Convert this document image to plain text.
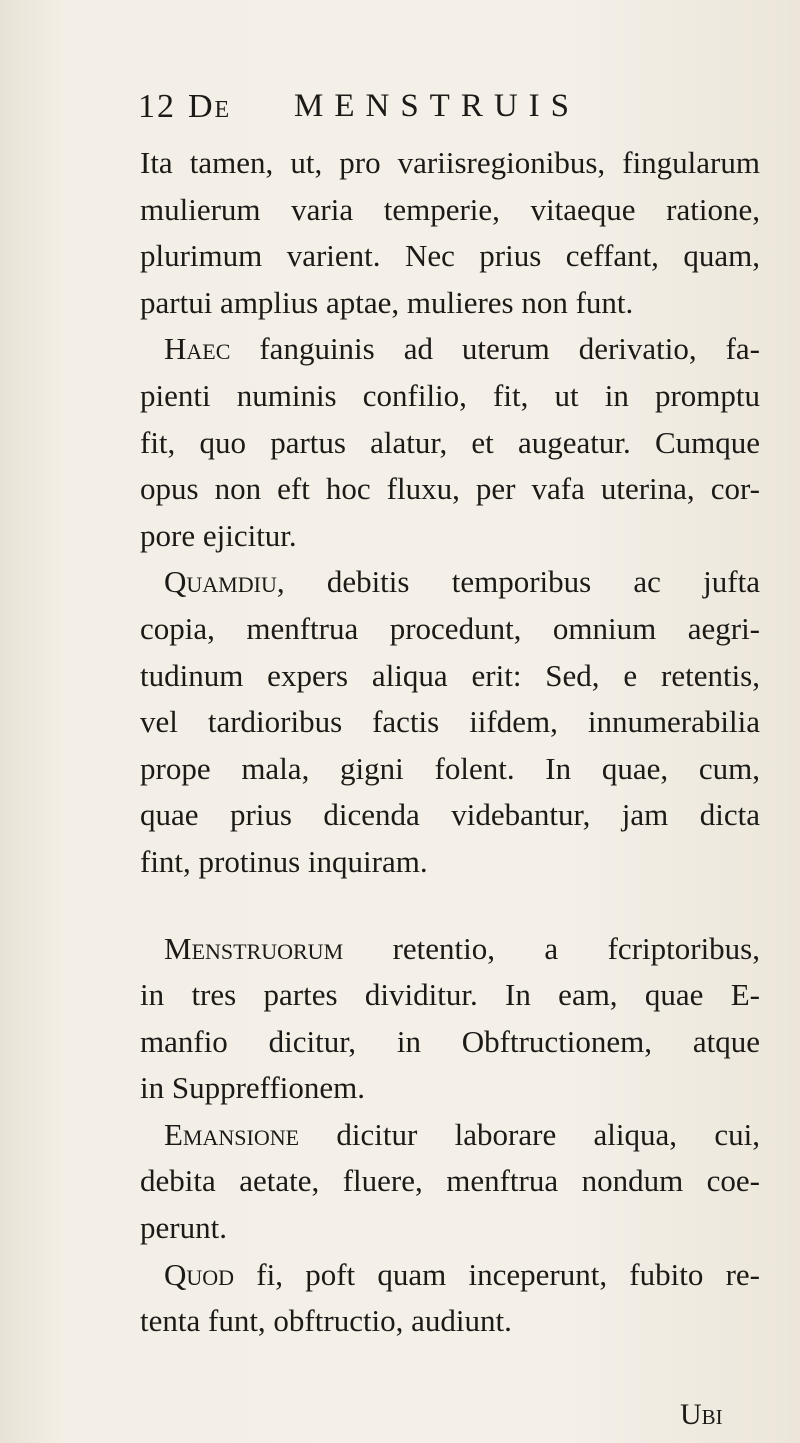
12 De MENSTRUIS
Ita tamen, ut, pro variisregionibus, fingularum
mulierum varia temperie, vitaeque ratione,
plurimum varient. Nec prius ceffant, quam,
partui amplius aptae, mulieres non funt.
Haec fanguinis ad uterum derivatio, fa-
pienti numinis confilio, fit, ut in promptu
fit, quo partus alatur, et augeatur. Cumque
opus non eft hoc fluxu, per vafa uterina, cor-
pore ejicitur.
Quamdiu, debitis temporibus ac jufta
copia, menftrua procedunt, omnium aegri-
tudinum expers aliqua erit: Sed, e retentis,
vel tardioribus factis iifdem, innumerabilia
prope mala, gigni folent. In quae, cum,
quae prius dicenda videbantur, jam dicta
fint, protinus inquiram.
Menstruorum retentio, a fcriptoribus,
in tres partes dividitur. In eam, quae E-
manfio dicitur, in Obftructionem, atque
in Suppreffionem.
Emansione dicitur laborare aliqua, cui,
debita aetate, fluere, menftrua nondum coe-
perunt.
Quod fi, poft quam inceperunt, fubito re-
tenta funt, obftructio, audiunt.
Ubi
